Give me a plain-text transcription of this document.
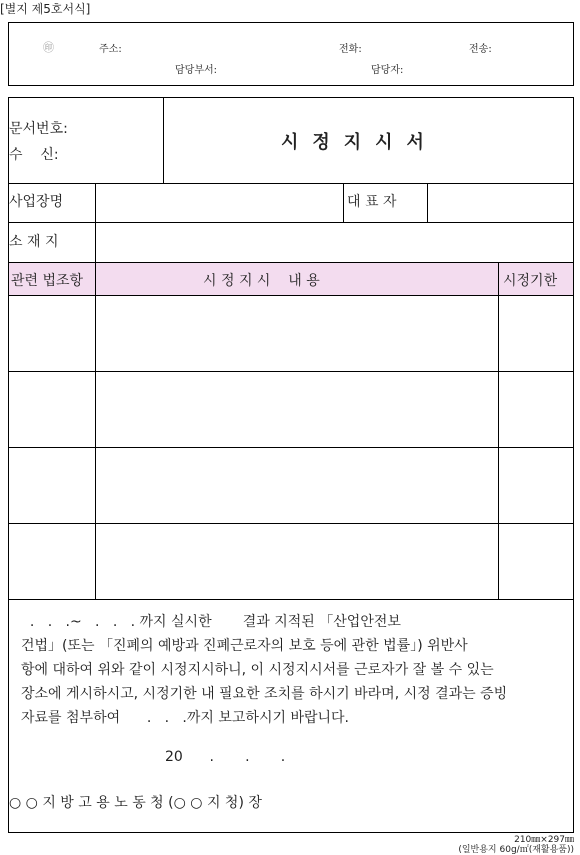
[별지 제5호서식]
㊞	주소:	전화:	전송:
담당부서:	담당자:
문서번호:
수    신:
시정지시서
사업장명	대 표 자
소 재 지
관련 법조항	시 정 지 시    내 용	시정기한
.   .   .~   .   .   . 까지 실시한       결과 지적된 「산업안전보
건법」(또는 「진폐의 예방과 진폐근로자의 보호 등에 관한 법률」) 위반사
항에 대하여 위와 같이 시정지시하니, 이 시정지시서를 근로자가 잘 볼 수 있는
장소에 게시하시고, 시정기한 내 필요한 조치를 하시기 바라며, 시정 결과는 증빙
자료를 첨부하여      .   .   .까지 보고하시기 바랍니다.
20      .       .       .
○ ○ 지 방 고 용 노 동 청 (○ ○ 지 청) 장
210㎜×297㎜
(일반용지 60g/㎡(재활용품))
